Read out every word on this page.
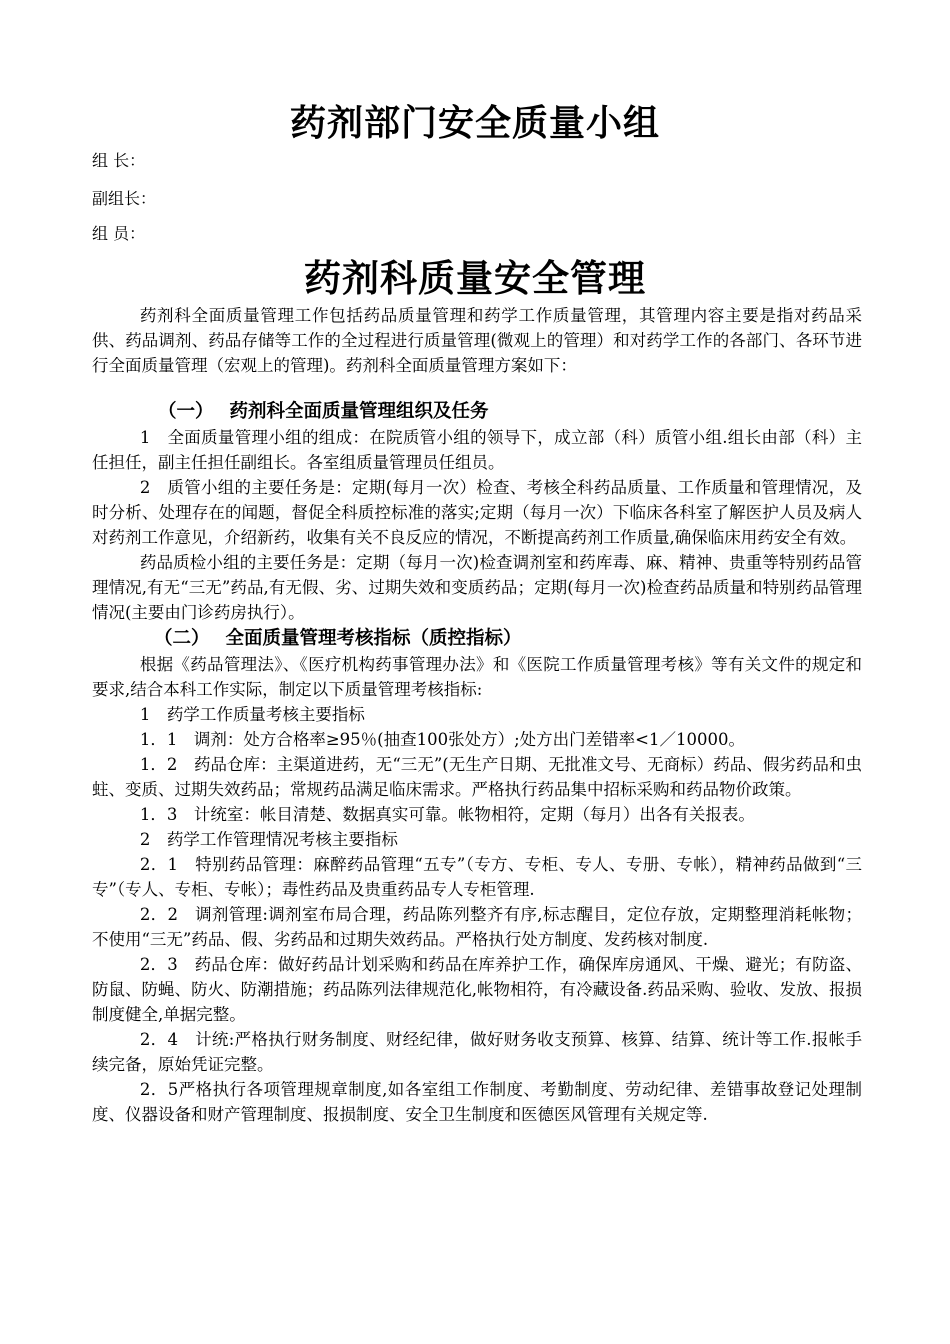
药剂部门安全质量小组
组 长：
副组长：
组 员：
药剂科质量安全管理

药剂科全面质量管理工作包括药品质量管理和药学工作质量管理，其管理内容主要是指对药品采供、药品调剂、药品存储等工作的全过程进行质量管理(微观上的管理）和对药学工作的各部门、各环节进行全面质量管理（宏观上的管理)。药剂科全面质量管理方案如下：

（一） 药剂科全面质量管理组织及任务

1　全面质量管理小组的组成：在院质管小组的领导下，成立部（科）质管小组.组长由部（科）主任担任，副主任担任副组长。各室组质量管理员任组员。

2　质管小组的主要任务是：定期(每月一次）检查、考核全科药品质量、工作质量和管理情况，及时分析、处理存在的闻题，督促全科质控标准的落实;定期（每月一次）下临床各科室了解医护人员及病人对药剂工作意见，介绍新药，收集有关不良反应的情况，不断提高药剂工作质量,确保临床用药安全有效。

药品质检小组的主要任务是：定期（每月一次)检查调剂室和药库毒、麻、精神、贵重等特别药品管理情况,有无“三无”药品,有无假、劣、过期失效和变质药品；定期(每月一次)检查药品质量和特别药品管理情况(主要由门诊药房执行）。

（二） 全面质量管理考核指标（质控指标）

根据《药品管理法》、《医疗机构药事管理办法》和《医院工作质量管理考核》等有关文件的规定和要求,结合本科工作实际，制定以下质量管理考核指标:

1　药学工作质量考核主要指标

1．1　调剂：处方合格率≥95％(抽查100张处方）;处方出门差错率<1／10000。

1．2　药品仓库：主渠道进药，无“三无”(无生产日期、无批准文号、无商标）药品、假劣药品和虫蛀、变质、过期失效药品；常规药品满足临床需求。严格执行药品集中招标采购和药品物价政策。

1．3　计统室：帐目清楚、数据真实可靠。帐物相符，定期（每月）出各有关报表。

2　药学工作管理情况考核主要指标

2．1　特别药品管理：麻醉药品管理“五专”（专方、专柜、专人、专册、专帐），精神药品做到“三专”（专人、专柜、专帐）；毒性药品及贵重药品专人专柜管理.

2．2　调剂管理:调剂室布局合理，药品陈列整齐有序,标志醒目，定位存放，定期整理消耗帐物；不使用“三无”药品、假、劣药品和过期失效药品。严格执行处方制度、发药核对制度.

2．3　药品仓库：做好药品计划采购和药品在库养护工作，确保库房通风、干燥、避光；有防盗、防鼠、防蝇、防火、防潮措施；药品陈列法律规范化,帐物相符，有冷藏设备.药品采购、验收、发放、报损制度健全,单据完整。

2．4　计统:严格执行财务制度、财经纪律，做好财务收支预算、核算、结算、统计等工作.报帐手续完备，原始凭证完整。

2．5严格执行各项管理规章制度,如各室组工作制度、考勤制度、劳动纪律、差错事故登记处理制度、仪器设备和财产管理制度、报损制度、安全卫生制度和医德医风管理有关规定等.
